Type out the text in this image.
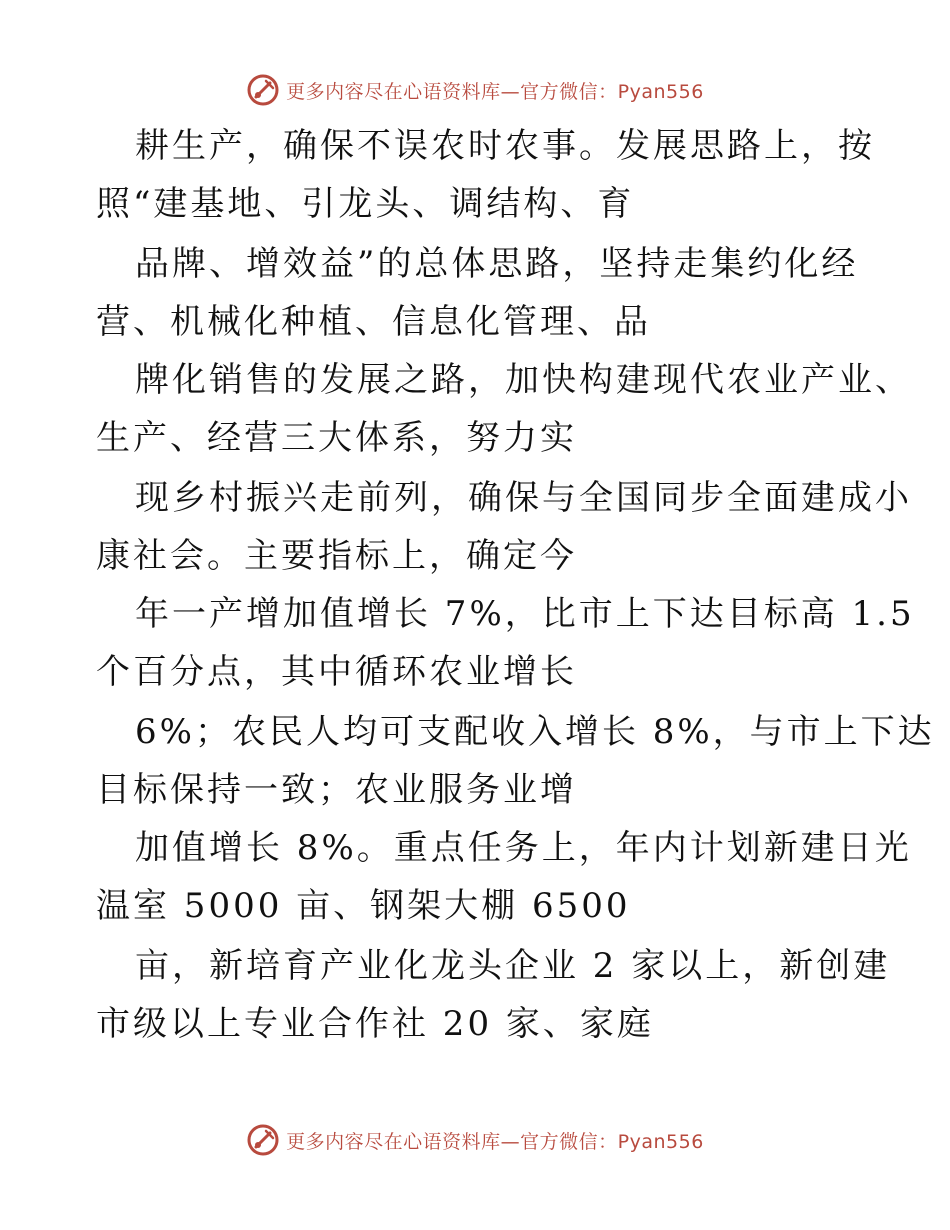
更多内容尽在心语资料库—官方微信：Pyan556
耕生产，确保不误农时农事。发展思路上，按
照“建基地、引龙头、调结构、育
品牌、增效益”的总体思路，坚持走集约化经
营、机械化种植、信息化管理、品
牌化销售的发展之路，加快构建现代农业产业、
生产、经营三大体系，努力实
现乡村振兴走前列，确保与全国同步全面建成小
康社会。主要指标上，确定今
年一产增加值增长 7%，比市上下达目标高 1.5
个百分点，其中循环农业增长
6%；农民人均可支配收入增长 8%，与市上下达
目标保持一致；农业服务业增
加值增长 8%。重点任务上，年内计划新建日光
温室 5000 亩、钢架大棚 6500
亩，新培育产业化龙头企业 2 家以上，新创建
市级以上专业合作社 20 家、家庭
更多内容尽在心语资料库—官方微信：Pyan556
